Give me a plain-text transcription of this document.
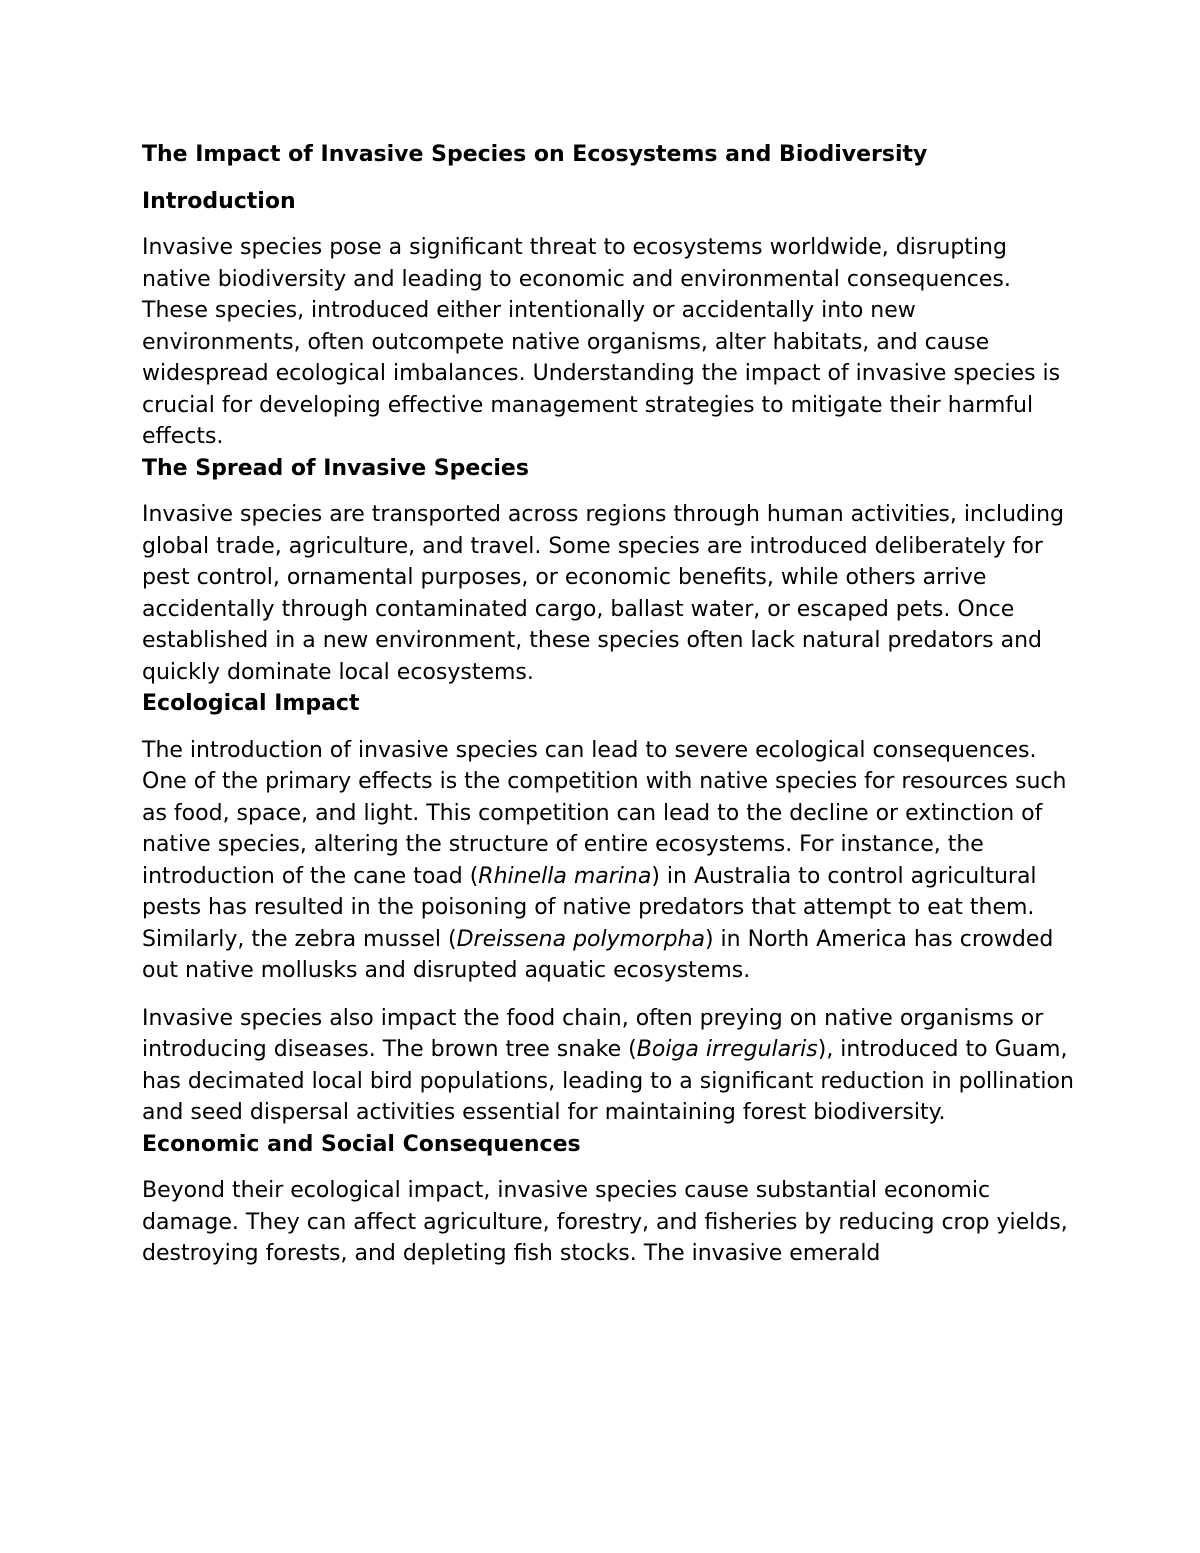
The Impact of Invasive Species on Ecosystems and Biodiversity
Introduction

Invasive species pose a significant threat to ecosystems worldwide, disrupting native biodiversity and leading to economic and environmental consequences. These species, introduced either intentionally or accidentally into new environments, often outcompete native organisms, alter habitats, and cause widespread ecological imbalances. Understanding the impact of invasive species is crucial for developing effective management strategies to mitigate their harmful effects.

The Spread of Invasive Species

Invasive species are transported across regions through human activities, including global trade, agriculture, and travel. Some species are introduced deliberately for pest control, ornamental purposes, or economic benefits, while others arrive accidentally through contaminated cargo, ballast water, or escaped pets. Once established in a new environment, these species often lack natural predators and quickly dominate local ecosystems.

Ecological Impact

The introduction of invasive species can lead to severe ecological consequences. One of the primary effects is the competition with native species for resources such as food, space, and light. This competition can lead to the decline or extinction of native species, altering the structure of entire ecosystems. For instance, the introduction of the cane toad (Rhinella marina) in Australia to control agricultural pests has resulted in the poisoning of native predators that attempt to eat them. Similarly, the zebra mussel (Dreissena polymorpha) in North America has crowded out native mollusks and disrupted aquatic ecosystems.

Invasive species also impact the food chain, often preying on native organisms or introducing diseases. The brown tree snake (Boiga irregularis), introduced to Guam, has decimated local bird populations, leading to a significant reduction in pollination and seed dispersal activities essential for maintaining forest biodiversity.

Economic and Social Consequences

Beyond their ecological impact, invasive species cause substantial economic damage. They can affect agriculture, forestry, and fisheries by reducing crop yields, destroying forests, and depleting fish stocks. The invasive emerald
